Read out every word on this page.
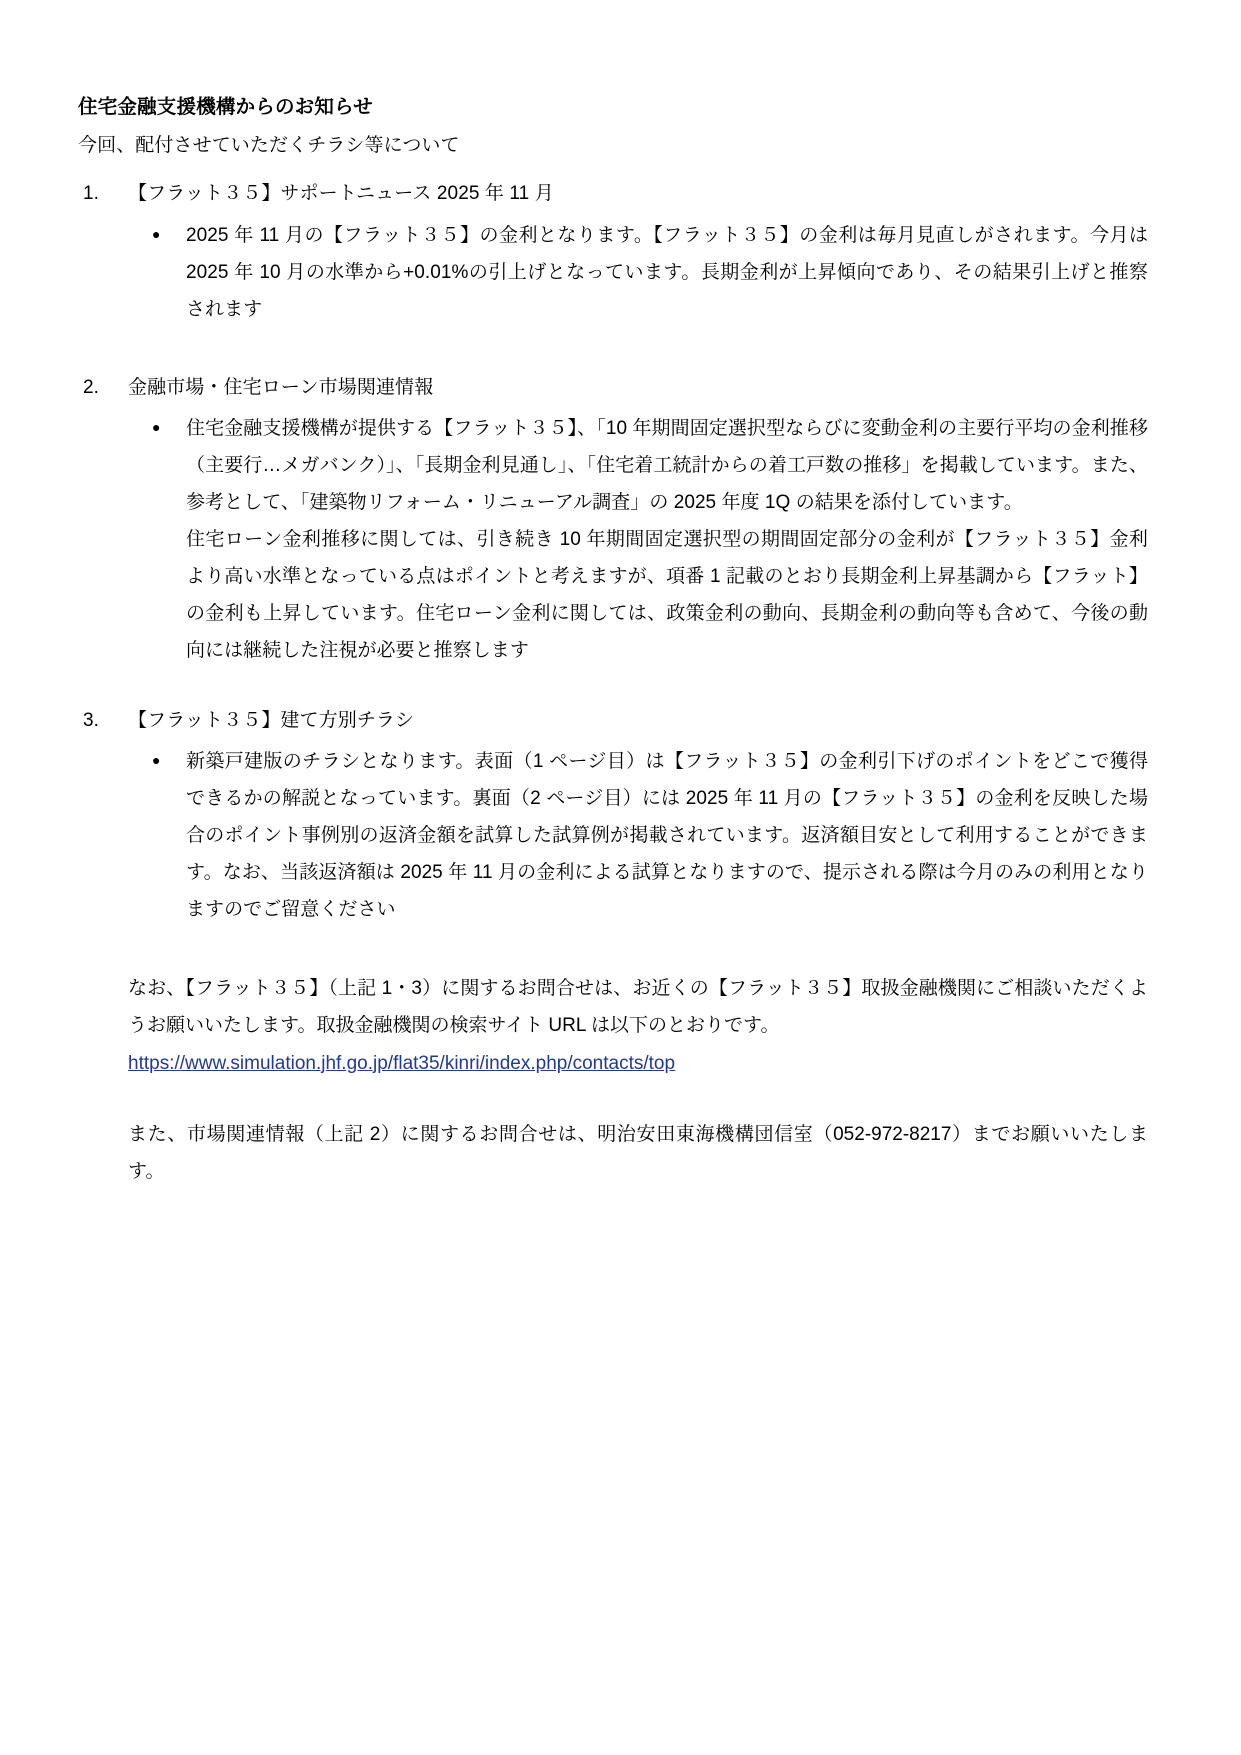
住宅金融支援機構からのお知らせ

今回、配付させていただくチラシ等について

1. 【フラット３５】サポートニュース 2025 年 11 月
● 2025 年 11 月の【フラット３５】の金利となります。【フラット３５】の金利は毎月見直しがされます。今月は 2025 年 10 月の水準から+0.01%の引上げとなっています。長期金利が上昇傾向であり、その結果引上げと推察されます

2. 金融市場・住宅ローン市場関連情報
● 住宅金融支援機構が提供する【フラット３５】、「10 年期間固定選択型ならびに変動金利の主要行平均の金利推移（主要行…メガバンク）」、「長期金利見通し」、「住宅着工統計からの着工戸数の推移」を掲載しています。また、参考として、「建築物リフォーム・リニューアル調査」の 2025 年度 1Q の結果を添付しています。

住宅ローン金利推移に関しては、引き続き 10 年期間固定選択型の期間固定部分の金利が【フラット３５】金利より高い水準となっている点はポイントと考えますが、項番 1 記載のとおり長期金利上昇基調から【フラット】の金利も上昇しています。住宅ローン金利に関しては、政策金利の動向、長期金利の動向等も含めて、今後の動向には継続した注視が必要と推察します

3. 【フラット３５】建て方別チラシ
● 新築戸建版のチラシとなります。表面（1 ページ目）は【フラット３５】の金利引下げのポイントをどこで獲得できるかの解説となっています。裏面（2 ページ目）には 2025 年 11 月の【フラット３５】の金利を反映した場合のポイント事例別の返済金額を試算した試算例が掲載されています。返済額目安として利用することができます。なお、当該返済額は 2025 年 11 月の金利による試算となりますので、提示される際は今月のみの利用となりますのでご留意ください

なお、【フラット３５】（上記 1・3）に関するお問合せは、お近くの【フラット３５】取扱金融機関にご相談いただくようお願いいたします。取扱金融機関の検索サイト URL は以下のとおりです。

https://www.simulation.jhf.go.jp/flat35/kinri/index.php/contacts/top

また、市場関連情報（上記 2）に関するお問合せは、明治安田東海機構団信室（052-972-8217）までお願いいたします。
